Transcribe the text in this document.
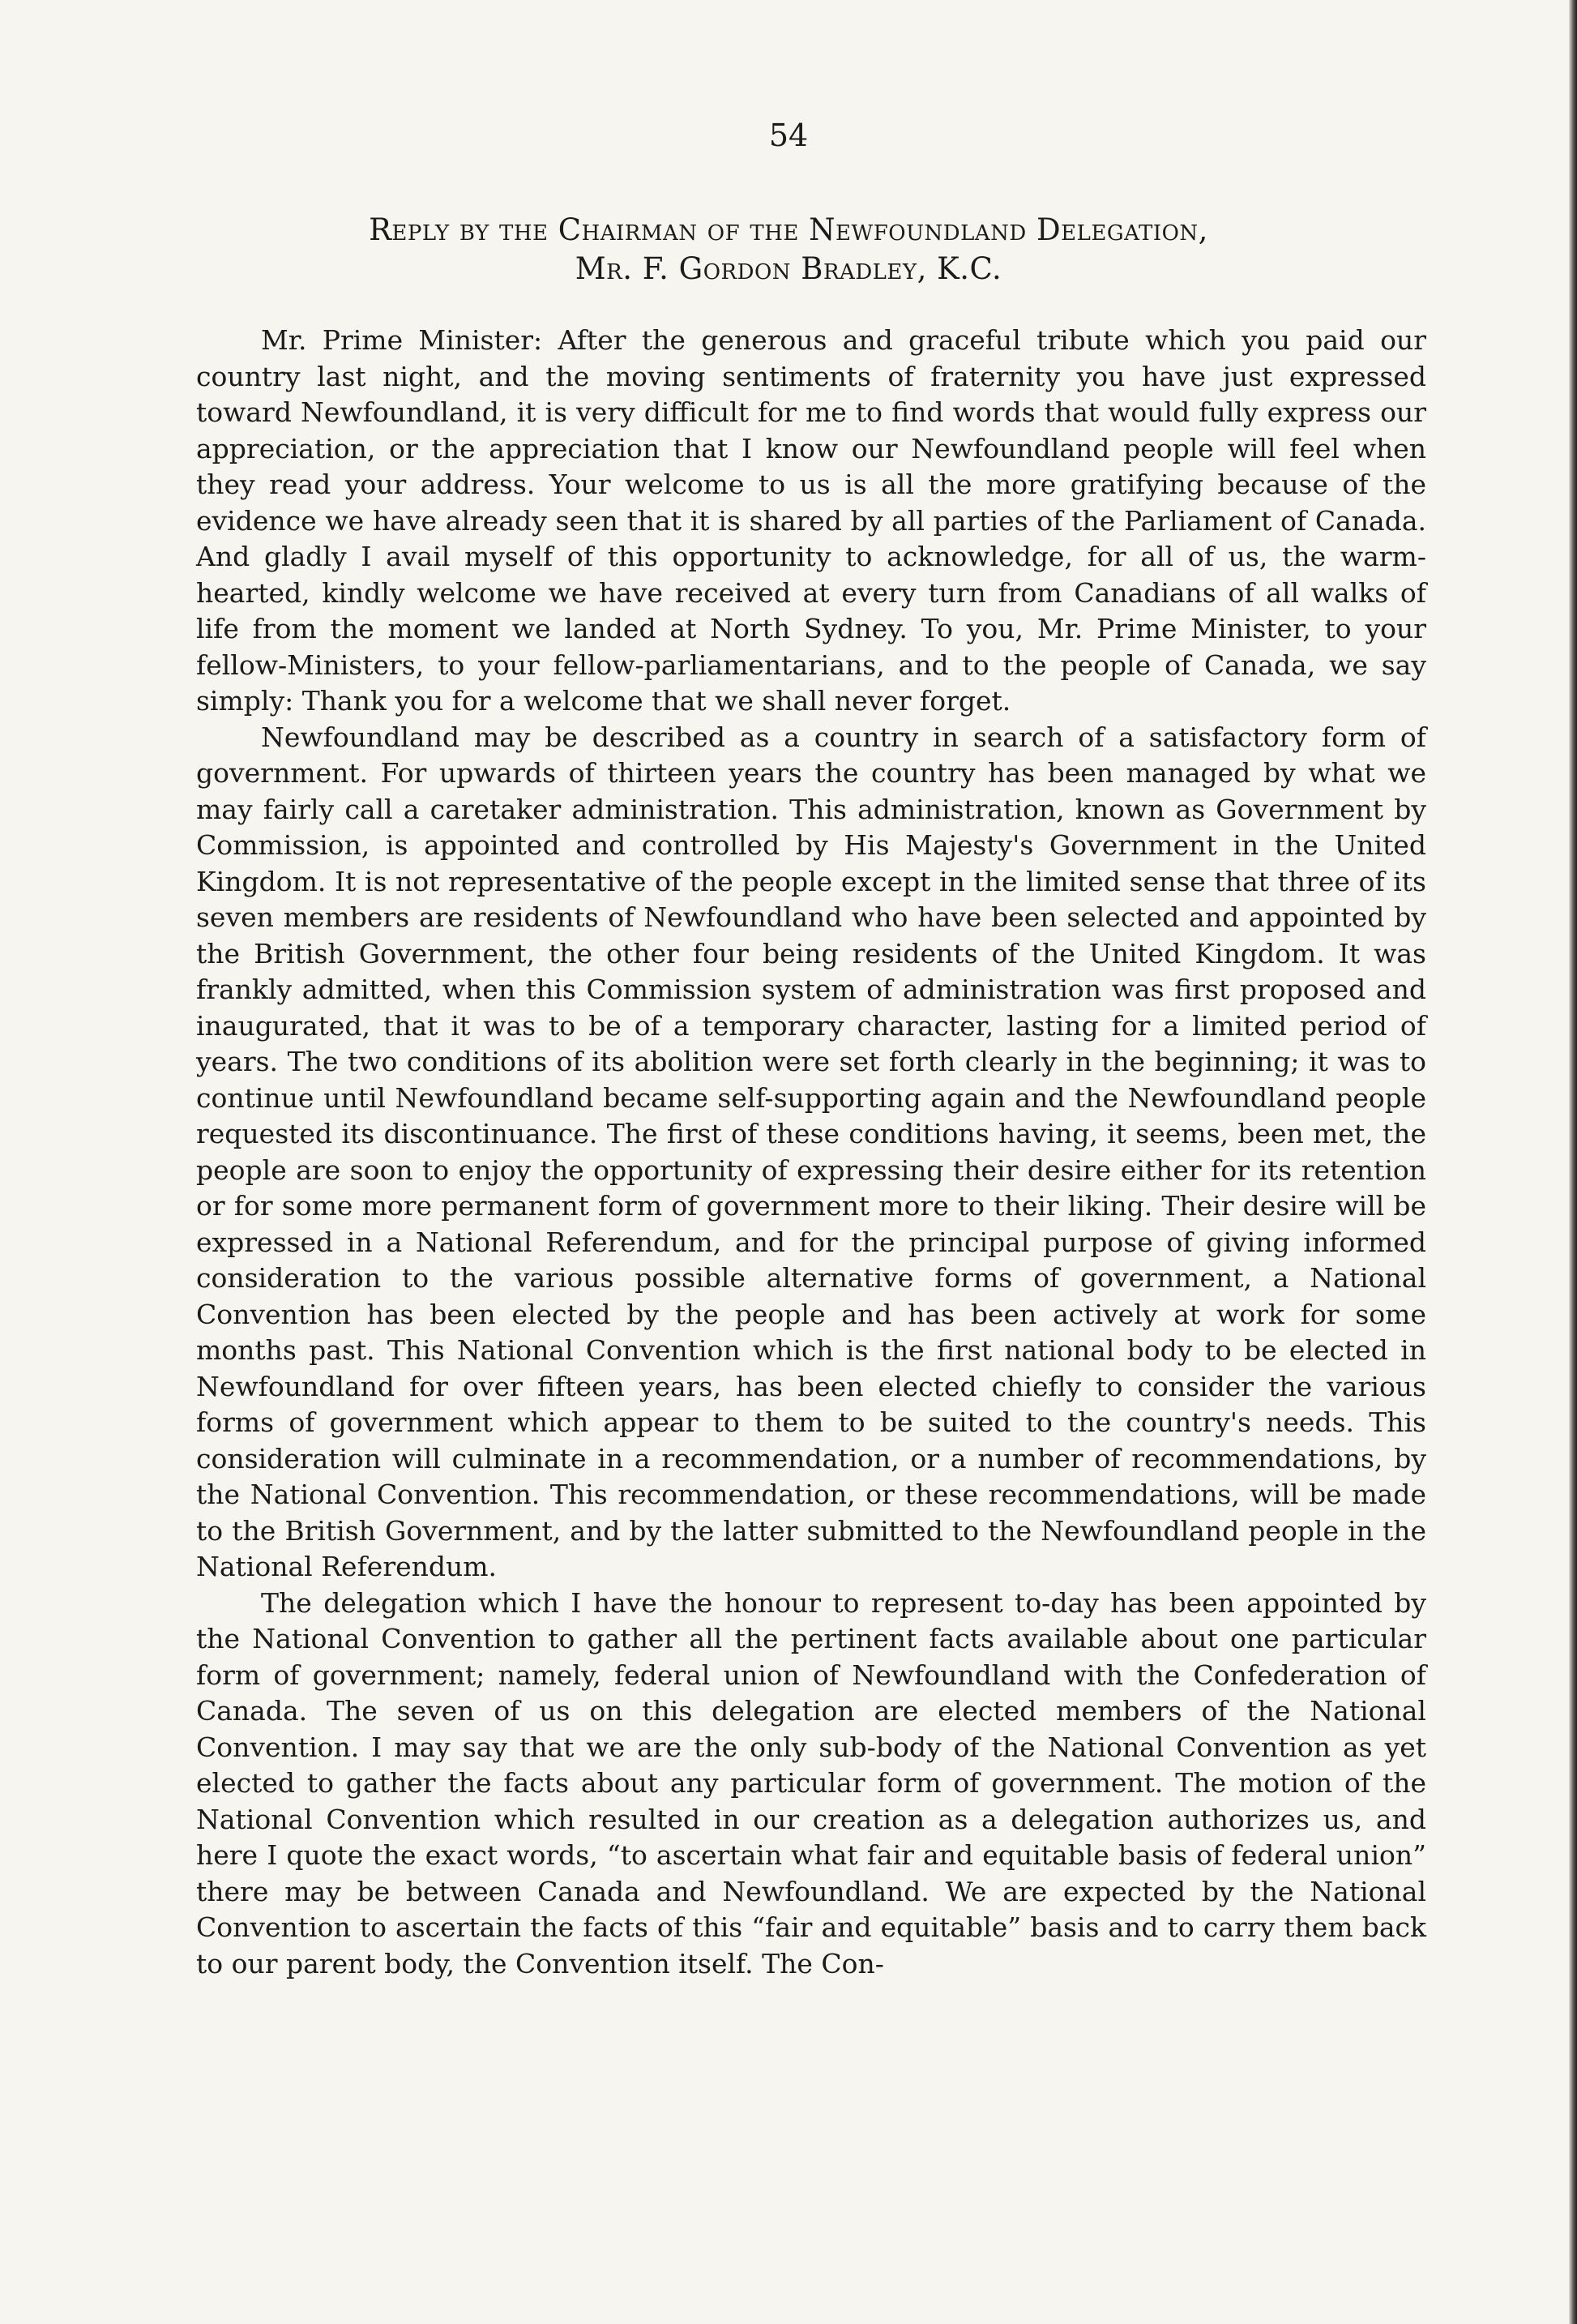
54
Reply by the Chairman of the Newfoundland Delegation,
Mr. F. Gordon Bradley, K.C.

Mr. Prime Minister: After the generous and graceful tribute which you paid our country last night, and the moving sentiments of fraternity you have just expressed toward Newfoundland, it is very difficult for me to find words that would fully express our appreciation, or the appreciation that I know our Newfoundland people will feel when they read your address. Your welcome to us is all the more gratifying because of the evidence we have already seen that it is shared by all parties of the Parliament of Canada. And gladly I avail myself of this opportunity to acknowledge, for all of us, the warm-hearted, kindly welcome we have received at every turn from Canadians of all walks of life from the moment we landed at North Sydney. To you, Mr. Prime Minister, to your fellow-Ministers, to your fellow-parliamentarians, and to the people of Canada, we say simply: Thank you for a welcome that we shall never forget.

Newfoundland may be described as a country in search of a satisfactory form of government. For upwards of thirteen years the country has been managed by what we may fairly call a caretaker administration. This administration, known as Government by Commission, is appointed and controlled by His Majesty's Government in the United Kingdom. It is not representative of the people except in the limited sense that three of its seven members are residents of Newfoundland who have been selected and appointed by the British Government, the other four being residents of the United Kingdom. It was frankly admitted, when this Commission system of administration was first proposed and inaugurated, that it was to be of a temporary character, lasting for a limited period of years. The two conditions of its abolition were set forth clearly in the beginning; it was to continue until Newfoundland became self-supporting again and the Newfoundland people requested its discontinuance. The first of these conditions having, it seems, been met, the people are soon to enjoy the opportunity of expressing their desire either for its retention or for some more permanent form of government more to their liking. Their desire will be expressed in a National Referendum, and for the principal purpose of giving informed consideration to the various possible alternative forms of government, a National Convention has been elected by the people and has been actively at work for some months past. This National Convention which is the first national body to be elected in Newfoundland for over fifteen years, has been elected chiefly to consider the various forms of government which appear to them to be suited to the country's needs. This consideration will culminate in a recommendation, or a number of recommendations, by the National Convention. This recommendation, or these recommendations, will be made to the British Government, and by the latter submitted to the Newfoundland people in the National Referendum.

The delegation which I have the honour to represent to-day has been appointed by the National Convention to gather all the pertinent facts available about one particular form of government; namely, federal union of Newfoundland with the Confederation of Canada. The seven of us on this delegation are elected members of the National Convention. I may say that we are the only sub-body of the National Convention as yet elected to gather the facts about any particular form of government. The motion of the National Convention which resulted in our creation as a delegation authorizes us, and here I quote the exact words, “to ascertain what fair and equitable basis of federal union” there may be between Canada and Newfoundland. We are expected by the National Convention to ascertain the facts of this “fair and equitable” basis and to carry them back to our parent body, the Convention itself. The Con-
